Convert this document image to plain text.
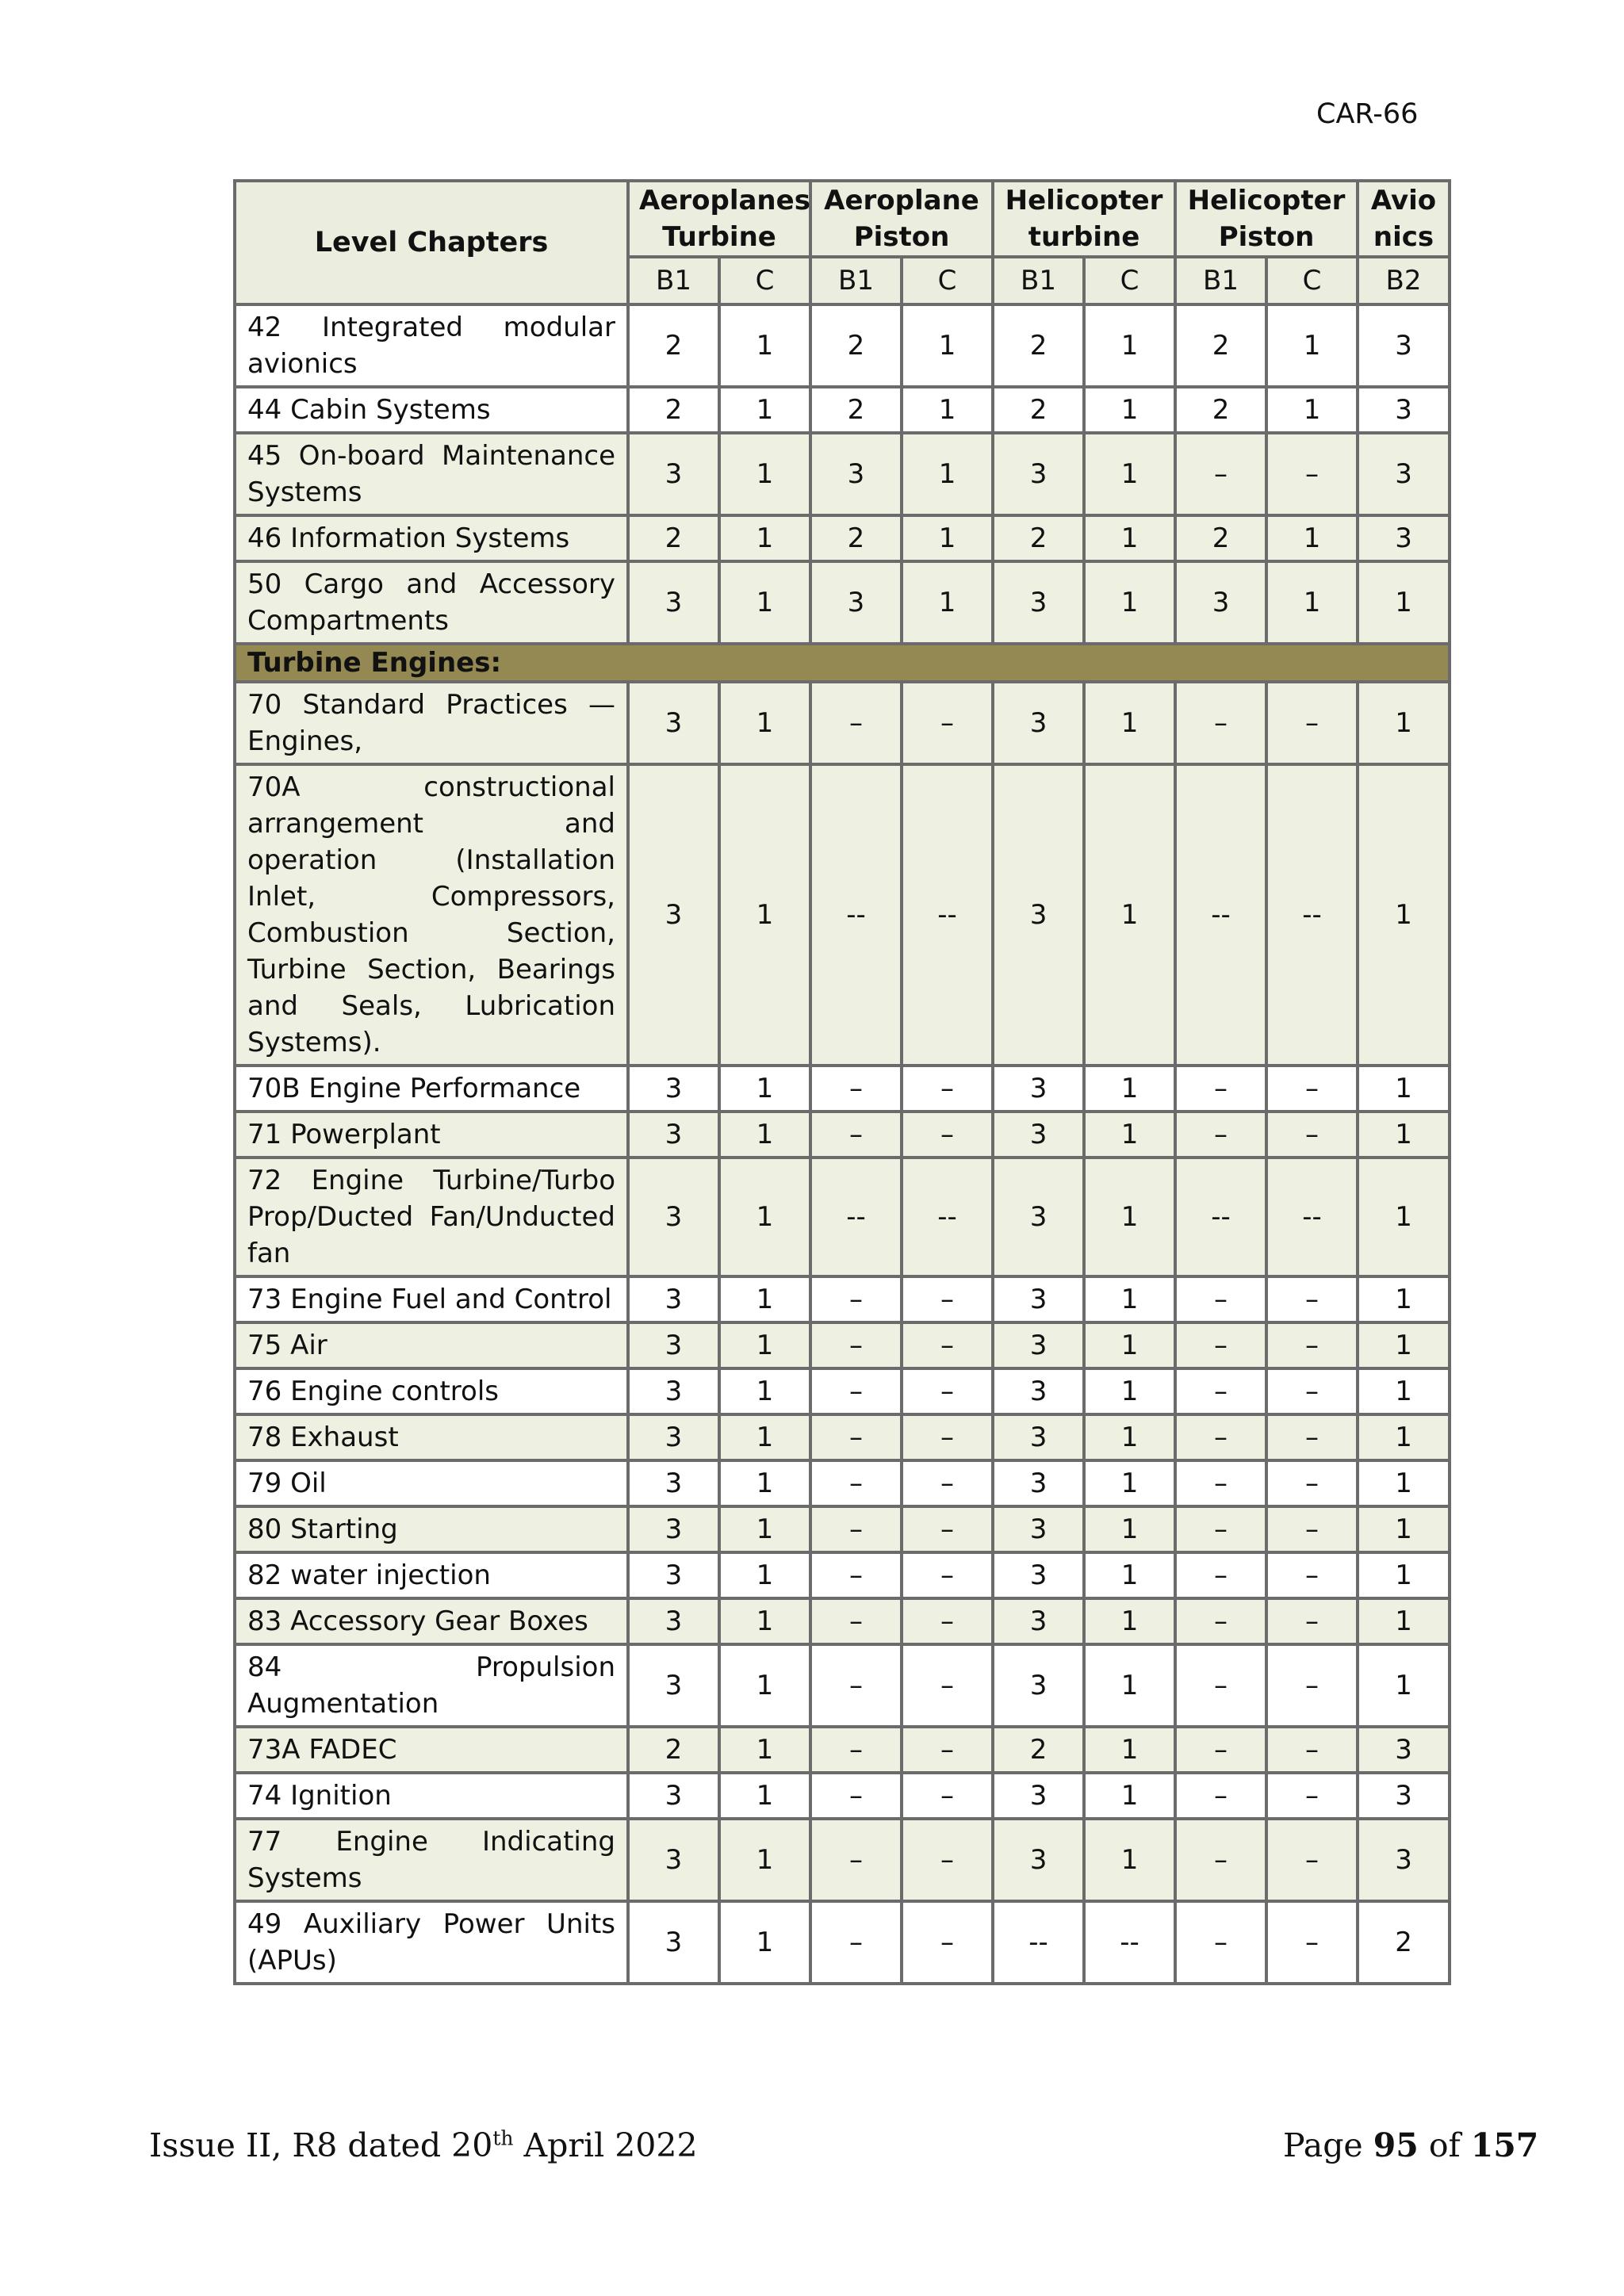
CAR-66
Level Chapters	Aeroplanes Turbine		Aeroplane Piston		Helicopter turbine		Helicopter Piston		Avio nics
	B1	C	B1	C	B1	C	B1	C	B2
42 Integrated modular avionics	2	1	2	1	2	1	2	1	3
44 Cabin Systems	2	1	2	1	2	1	2	1	3
45 On-board Maintenance Systems	3	1	3	1	3	1	–	–	3
46 Information Systems	2	1	2	1	2	1	2	1	3
50 Cargo and Accessory Compartments	3	1	3	1	3	1	3	1	1
Turbine Engines:									
70 Standard Practices — Engines,	3	1	–	–	3	1	–	–	1
70A constructional arrangement and operation (Installation Inlet, Compressors, Combustion Section, Turbine Section, Bearings and Seals, Lubrication Systems).	3	1	--	--	3	1	--	--	1
70B Engine Performance	3	1	–	–	3	1	–	–	1
71 Powerplant	3	1	–	–	3	1	–	–	1
72 Engine Turbine/Turbo Prop/Ducted Fan/Unducted fan	3	1	--	--	3	1	--	--	1
73 Engine Fuel and Control	3	1	–	–	3	1	–	–	1
75 Air	3	1	–	–	3	1	–	–	1
76 Engine controls	3	1	–	–	3	1	–	–	1
78 Exhaust	3	1	–	–	3	1	–	–	1
79 Oil	3	1	–	–	3	1	–	–	1
80 Starting	3	1	–	–	3	1	–	–	1
82 water injection	3	1	–	–	3	1	–	–	1
83 Accessory Gear Boxes	3	1	–	–	3	1	–	–	1
84 Propulsion Augmentation	3	1	–	–	3	1	–	–	1
73A FADEC	2	1	–	–	2	1	–	–	3
74 Ignition	3	1	–	–	3	1	–	–	3
77 Engine Indicating Systems	3	1	–	–	3	1	–	–	3
49 Auxiliary Power Units (APUs)	3	1	–	–	--	--	–	–	2
Issue II, R8 dated 20th April 2022	Page 95 of 157
